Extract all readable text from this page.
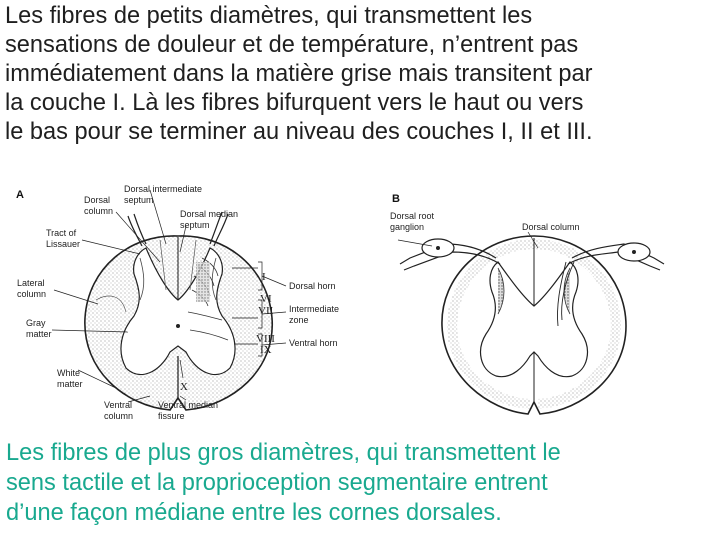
Les fibres de petits diamètres, qui transmettent les
sensations de douleur et de température, n’entrent pas
immédiatement dans la matière grise mais transitent par
la couche I. Là les fibres bifurquent vers le haut ou vers
le bas pour se terminer au niveau des couches I, II et III.

A	Dorsal column
Dorsal intermediate septum
Dorsal median septum
Tract of Lissauer
Lateral column
Gray matter
White matter
Ventral column
Ventral median fissure
Dorsal horn
Intermediate zone
Ventral horn
I
VI
VII
VIII
IX
X
B
Dorsal root ganglion	Dorsal column

Les fibres de plus gros diamètres, qui transmettent le
sens tactile et la proprioception segmentaire entrent
d’une façon médiane entre les cornes dorsales.
